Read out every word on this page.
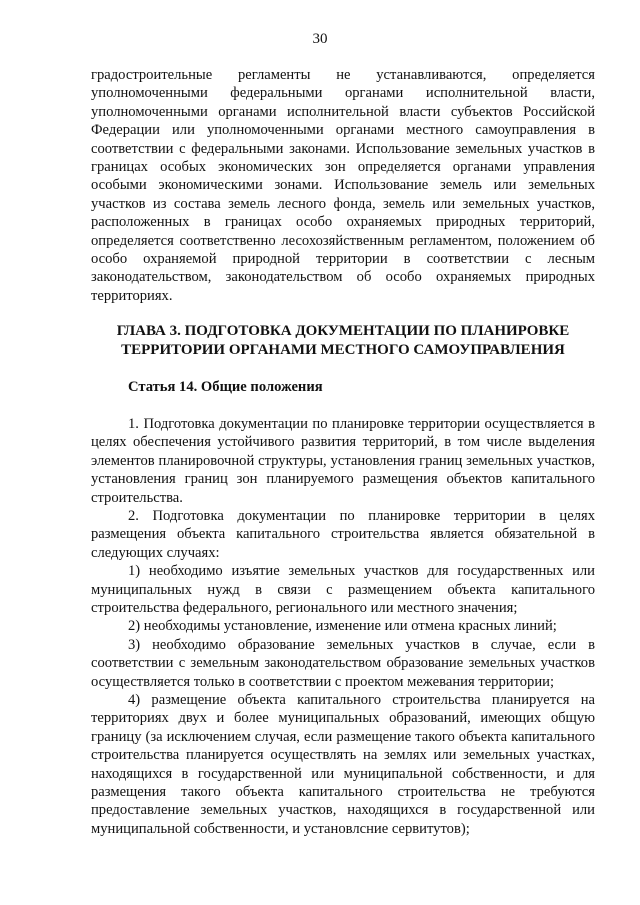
30

градостроительные регламенты не устанавливаются, определяется уполномоченными федеральными органами исполнительной власти, уполномоченными органами исполнительной власти субъектов Российской Федерации или уполномоченными органами местного самоуправления в соответствии с федеральными законами. Использование земельных участков в границах особых экономических зон определяется органами управления особыми экономическими зонами. Использование земель или земельных участков из состава земель лесного фонда, земель или земельных участков, расположенных в границах особо охраняемых природных территорий, определяется соответственно лесохозяйственным регламентом, положением об особо охраняемой природной территории в соответствии с лесным законодательством, законодательством об особо охраняемых природных территориях.

ГЛАВА 3. ПОДГОТОВКА ДОКУМЕНТАЦИИ ПО ПЛАНИРОВКЕ
ТЕРРИТОРИИ ОРГАНАМИ МЕСТНОГО САМОУПРАВЛЕНИЯ

Статья 14. Общие положения

1. Подготовка документации по планировке территории осуществляется в целях обеспечения устойчивого развития территорий, в том числе выделения элементов планировочной структуры, установления границ земельных участков, установления границ зон планируемого размещения объектов капитального строительства.

2. Подготовка документации по планировке территории в целях размещения объекта капитального строительства является обязательной в следующих случаях:

1) необходимо изъятие земельных участков для государственных или муниципальных нужд в связи с размещением объекта капитального строительства федерального, регионального или местного значения;

2) необходимы установление, изменение или отмена красных линий;

3) необходимо образование земельных участков в случае, если в соответствии с земельным законодательством образование земельных участков осуществляется только в соответствии с проектом межевания территории;

4) размещение объекта капитального строительства планируется на территориях двух и более муниципальных образований, имеющих общую границу (за исключением случая, если размещение такого объекта капитального строительства планируется осуществлять на землях или земельных участках, находящихся в государственной или муниципальной собственности, и для размещения такого объекта капитального строительства не требуются предоставление земельных участков, находящихся в государственной или муниципальной собственности, и установлсние сервитутов);
